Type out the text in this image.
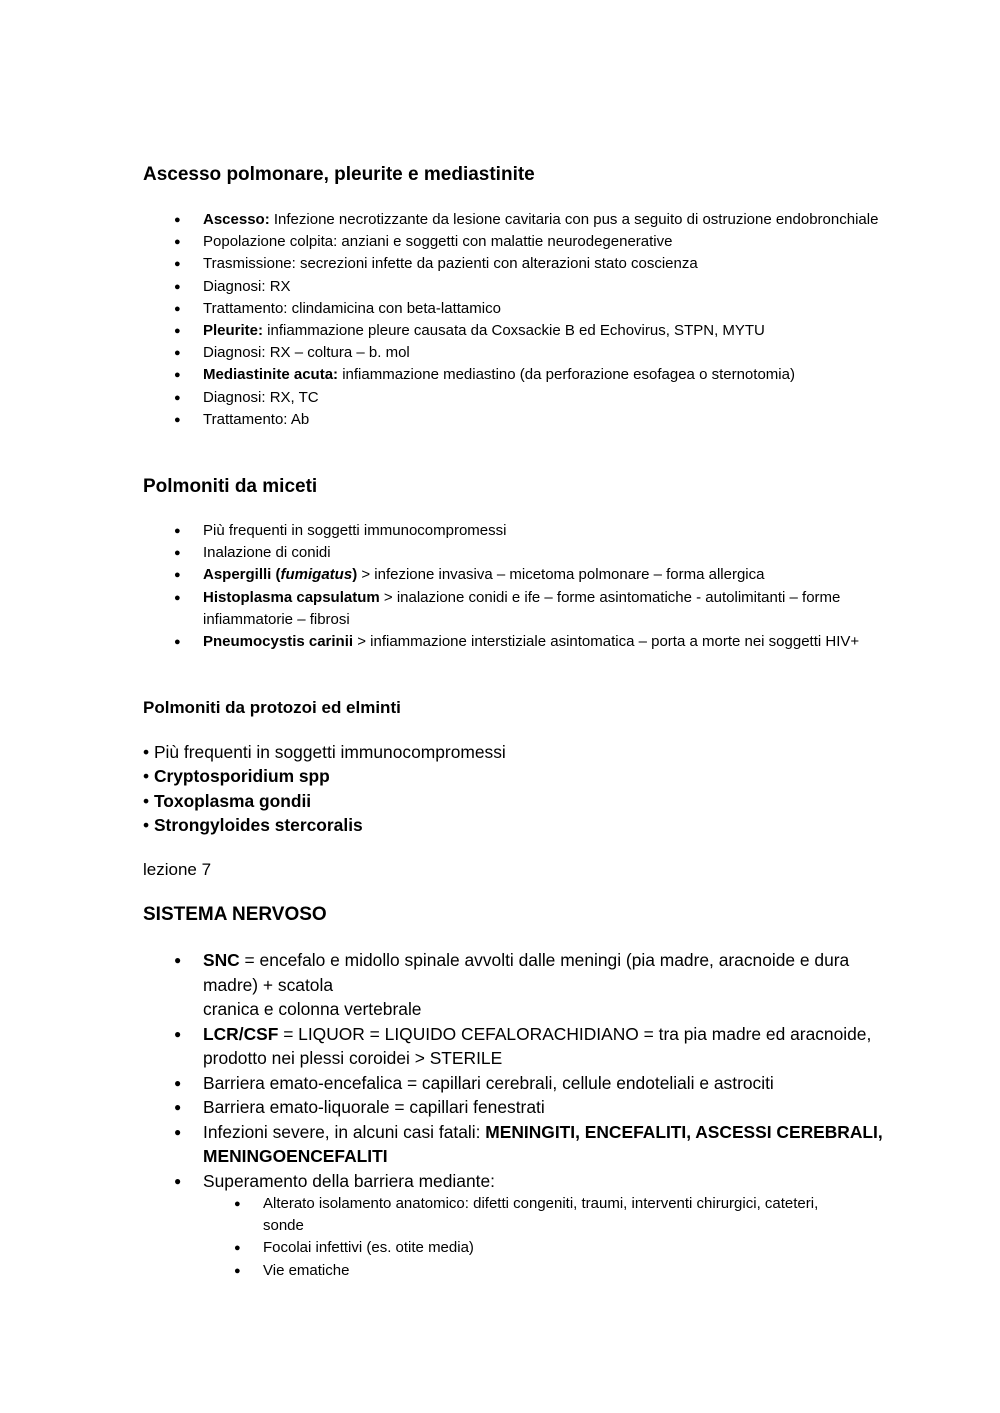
Ascesso polmonare, pleurite e mediastinite
● Ascesso: Infezione necrotizzante da lesione cavitaria con pus a seguito di ostruzione endobronchiale
● Popolazione colpita: anziani e soggetti con malattie neurodegenerative
● Trasmissione: secrezioni infette da pazienti con alterazioni stato coscienza
● Diagnosi: RX
● Trattamento: clindamicina con beta-lattamico
● Pleurite: infiammazione pleure causata da Coxsackie B ed Echovirus, STPN, MYTU
● Diagnosi: RX – coltura – b. mol
● Mediastinite acuta: infiammazione mediastino (da perforazione esofagea o sternotomia)
● Diagnosi: RX, TC
● Trattamento: Ab
Polmoniti da miceti
● Più frequenti in soggetti immunocompromessi
● Inalazione di conidi
● Aspergilli (fumigatus) > infezione invasiva – micetoma polmonare – forma allergica
● Histoplasma capsulatum > inalazione conidi e ife – forme asintomatiche - autolimitanti – forme infiammatorie – fibrosi
● Pneumocystis carinii > infiammazione interstiziale asintomatica – porta a morte nei soggetti HIV+
Polmoniti da protozoi ed elminti
• Più frequenti in soggetti immunocompromessi
• Cryptosporidium spp
• Toxoplasma gondii
• Strongyloides stercoralis
lezione 7
SISTEMA NERVOSO
● SNC = encefalo e midollo spinale avvolti dalle meningi (pia madre, aracnoide e dura madre) + scatola
cranica e colonna vertebrale
● LCR/CSF = LIQUOR = LIQUIDO CEFALORACHIDIANO = tra pia madre ed aracnoide, prodotto nei plessi coroidei > STERILE
● Barriera emato-encefalica = capillari cerebrali, cellule endoteliali e astrociti
● Barriera emato-liquorale = capillari fenestrati
● Infezioni severe, in alcuni casi fatali: MENINGITI, ENCEFALITI, ASCESSI CEREBRALI, MENINGOENCEFALITI
● Superamento della barriera mediante:
● Alterato isolamento anatomico: difetti congeniti, traumi, interventi chirurgici, cateteri, sonde
● Focolai infettivi (es. otite media)
● Vie ematiche
